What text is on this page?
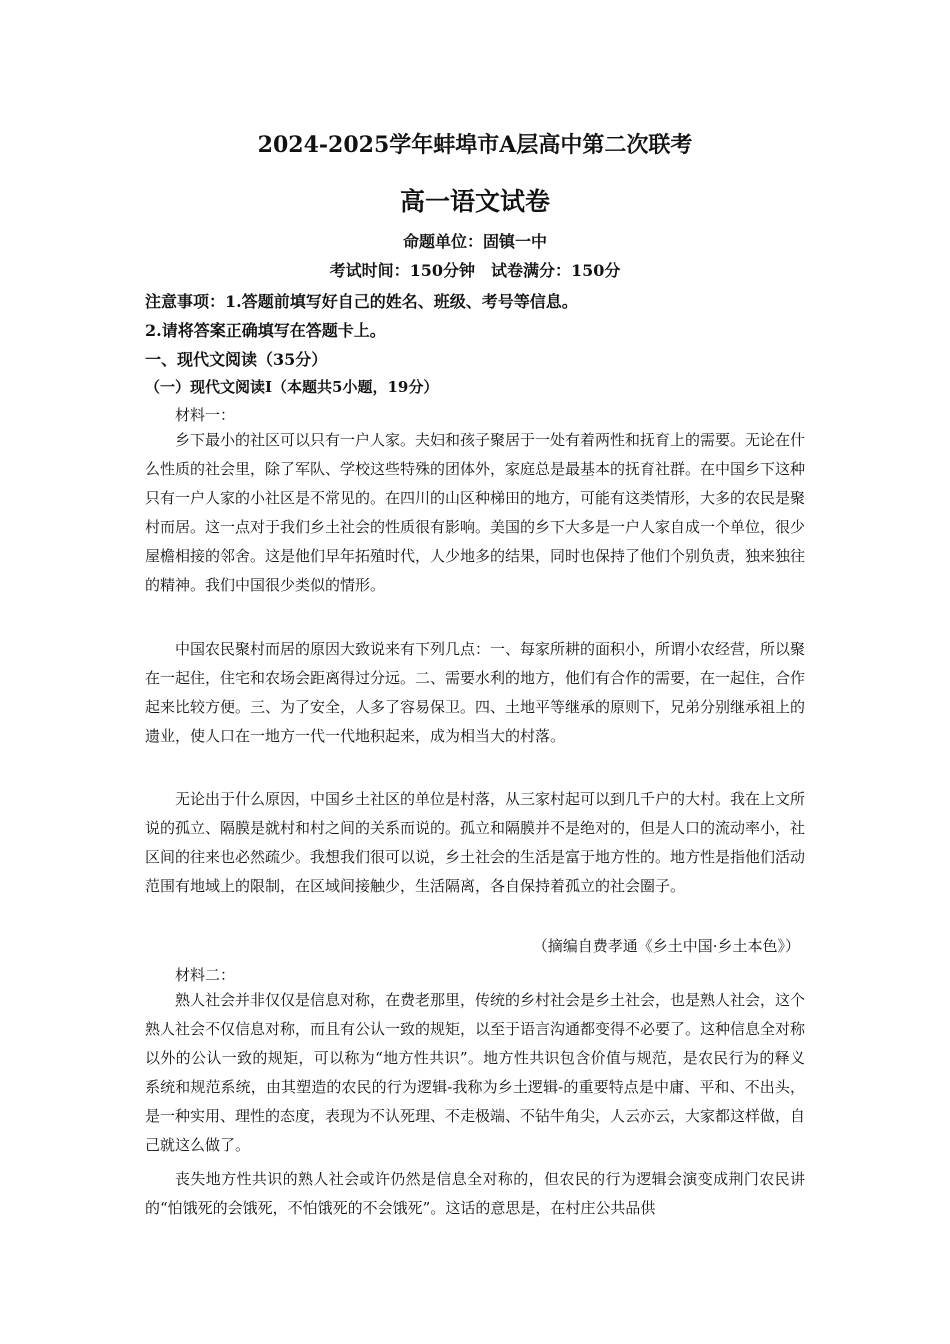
2024-2025学年蚌埠市A层高中第二次联考
高一语文试卷
命题单位：固镇一中
考试时间：150分钟　试卷满分：150分
注意事项：1.答题前填写好自己的姓名、班级、考号等信息。
2.请将答案正确填写在答题卡上。
一、现代文阅读（35分）
（一）现代文阅读Ⅰ（本题共5小题，19分）
材料一：
乡下最小的社区可以只有一户人家。夫妇和孩子聚居于一处有着两性和抚育上的需要。无论在什么性质的社会里，除了军队、学校这些特殊的团体外，家庭总是最基本的抚育社群。在中国乡下这种只有一户人家的小社区是不常见的。在四川的山区种梯田的地方，可能有这类情形，大多的农民是聚村而居。这一点对于我们乡土社会的性质很有影响。美国的乡下大多是一户人家自成一个单位，很少屋檐相接的邻舍。这是他们早年拓殖时代，人少地多的结果，同时也保持了他们个别负责，独来独往的精神。我们中国很少类似的情形。
中国农民聚村而居的原因大致说来有下列几点：一、每家所耕的面积小，所谓小农经营，所以聚在一起住，住宅和农场会距离得过分远。二、需要水利的地方，他们有合作的需要，在一起住，合作起来比较方便。三、为了安全，人多了容易保卫。四、土地平等继承的原则下，兄弟分别继承祖上的遗业，使人口在一地方一代一代地积起来，成为相当大的村落。
无论出于什么原因，中国乡土社区的单位是村落，从三家村起可以到几千户的大村。我在上文所说的孤立、隔膜是就村和村之间的关系而说的。孤立和隔膜并不是绝对的，但是人口的流动率小，社区间的往来也必然疏少。我想我们很可以说，乡土社会的生活是富于地方性的。地方性是指他们活动范围有地域上的限制，在区域间接触少，生活隔离，各自保持着孤立的社会圈子。
（摘编自费孝通《乡土中国·乡土本色》）
材料二：
熟人社会并非仅仅是信息对称，在费老那里，传统的乡村社会是乡土社会，也是熟人社会，这个熟人社会不仅信息对称，而且有公认一致的规矩，以至于语言沟通都变得不必要了。这种信息全对称以外的公认一致的规矩，可以称为“地方性共识”。地方性共识包含价值与规范，是农民行为的释义系统和规范系统，由其塑造的农民的行为逻辑-我称为乡土逻辑-的重要特点是中庸、平和、不出头，是一种实用、理性的态度，表现为不认死理、不走极端、不钻牛角尖，人云亦云，大家都这样做，自己就这么做了。
丧失地方性共识的熟人社会或许仍然是信息全对称的，但农民的行为逻辑会演变成荆门农民讲的“怕饿死的会饿死，不怕饿死的不会饿死”。这话的意思是，在村庄公共品供
